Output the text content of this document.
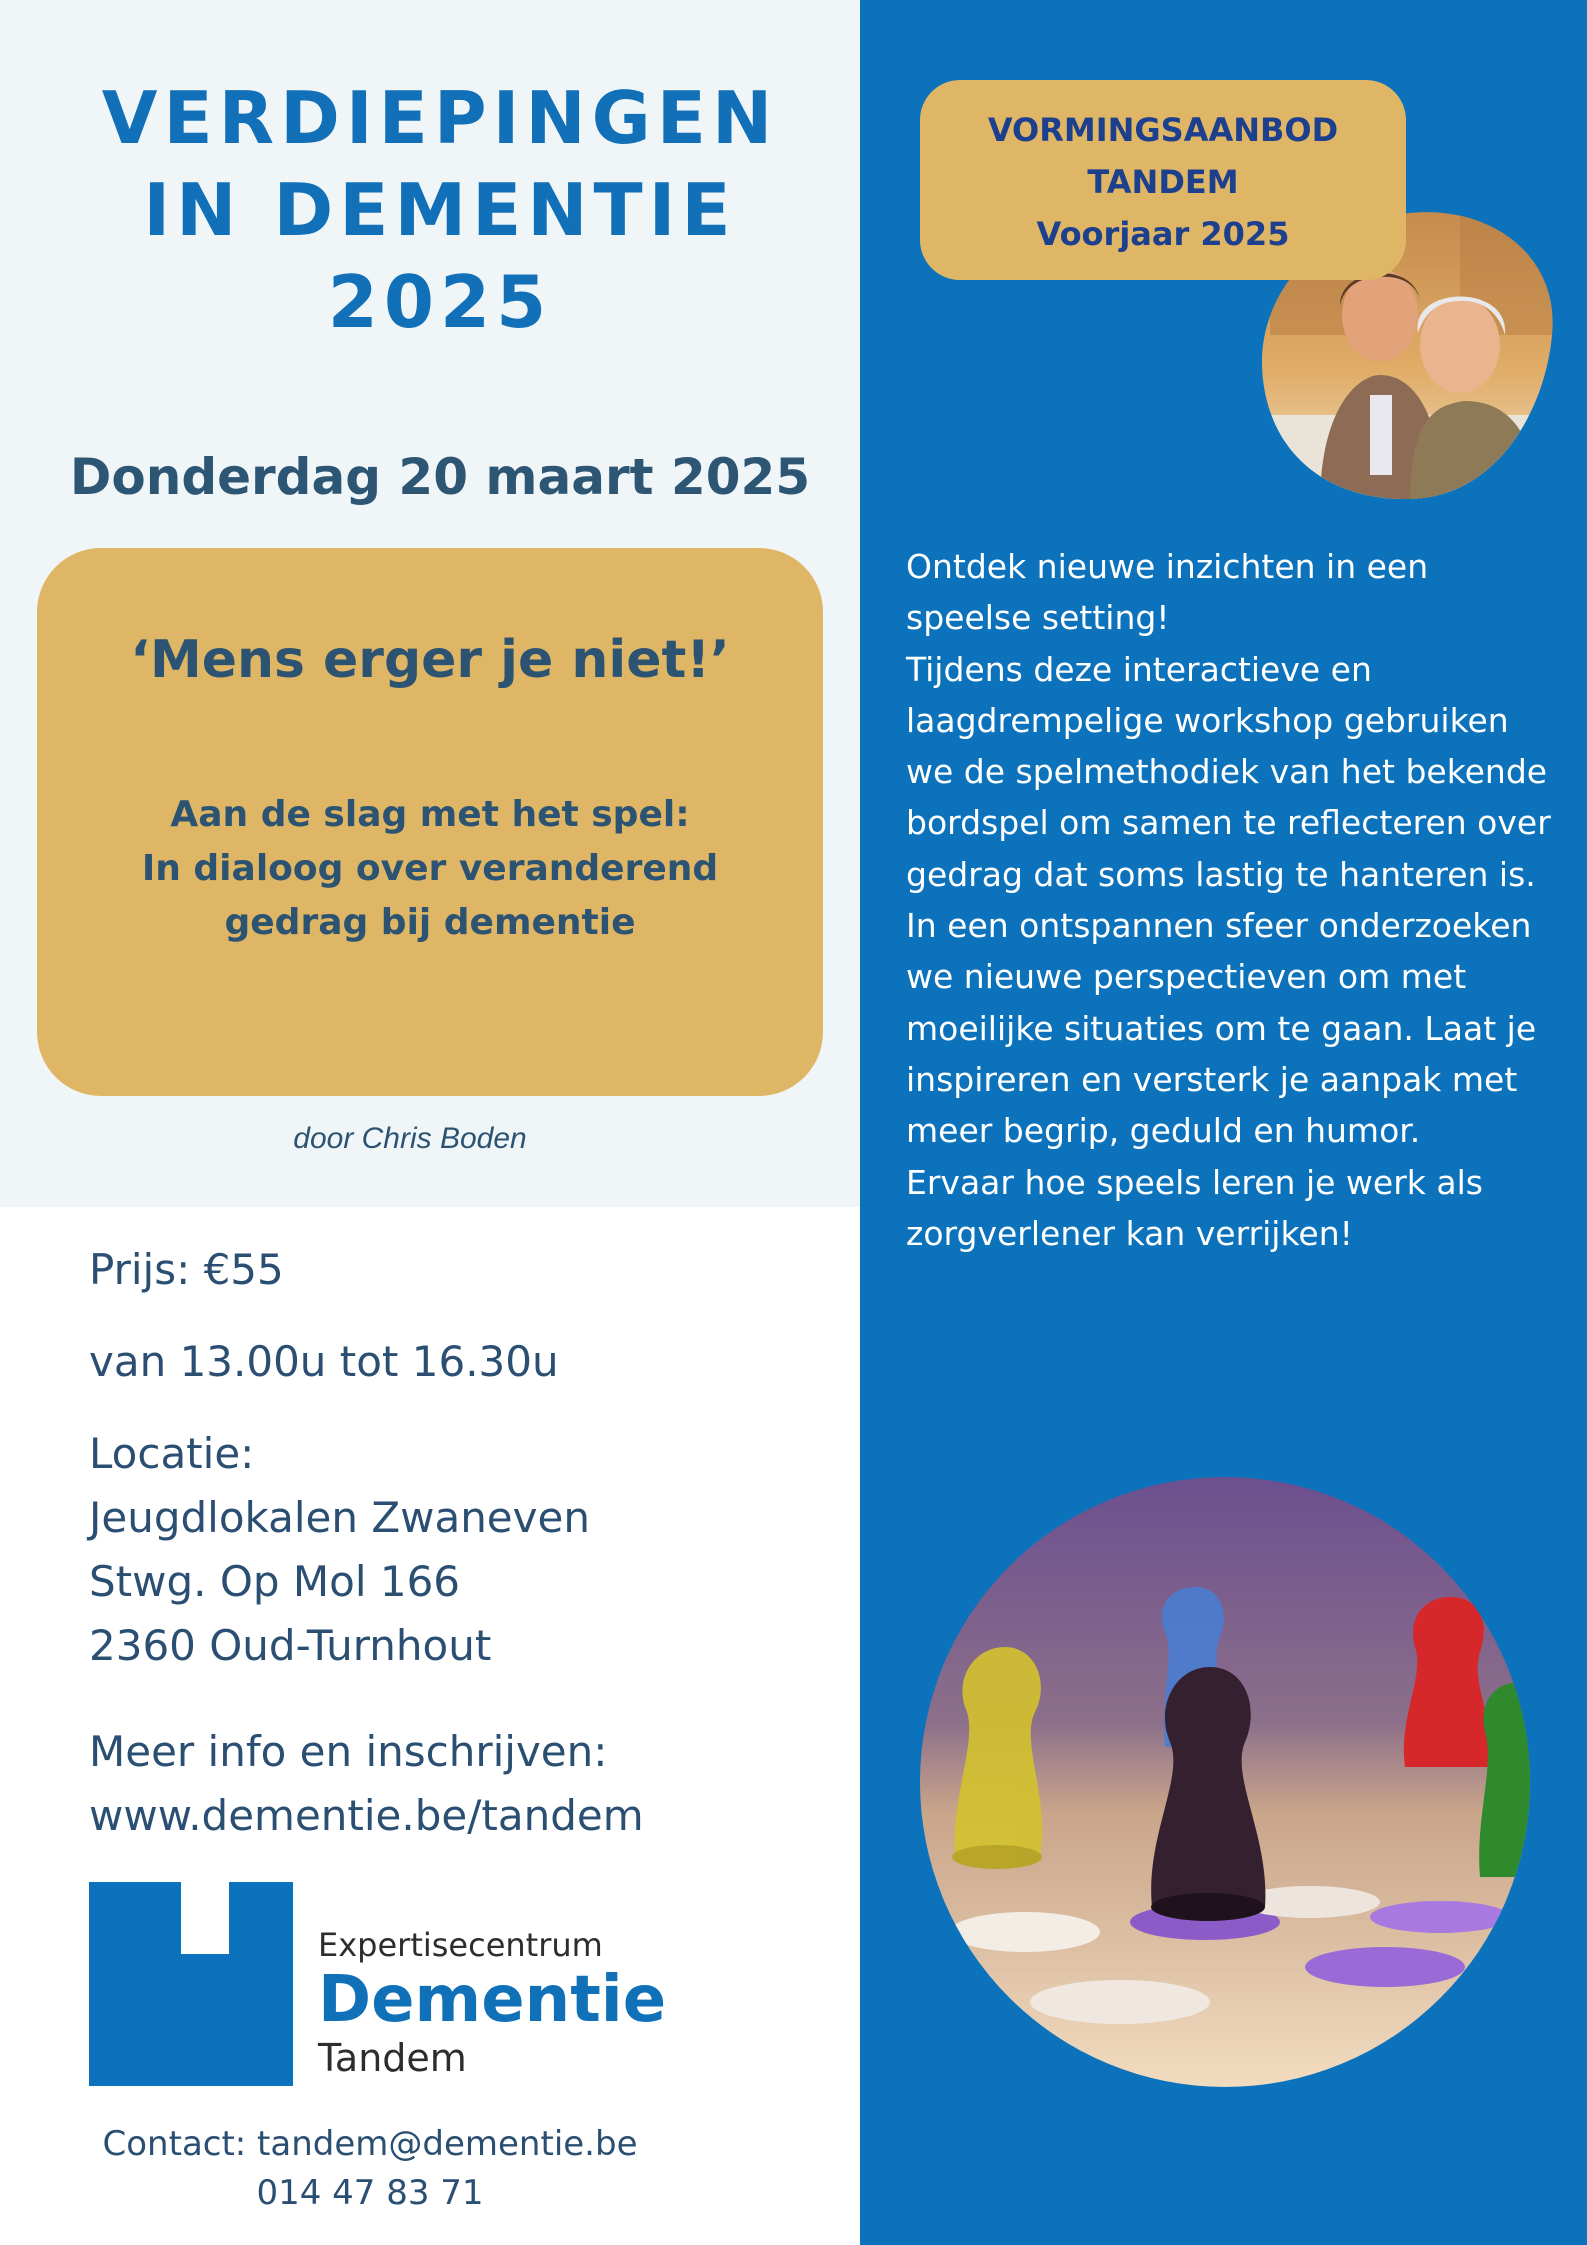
VERDIEPINGEN
IN DEMENTIE
2025
Donderdag 20 maart 2025
‘Mens erger je niet!’
Aan de slag met het spel:
In dialoog over veranderend
gedrag bij dementie
door Chris Boden
Prijs: €55
van 13.00u tot 16.30u
Locatie:
Jeugdlokalen Zwaneven
Stwg. Op Mol 166
2360 Oud-Turnhout
Meer info en inschrijven:
www.dementie.be/tandem
Expertisecentrum
Dementie
Tandem
Contact: tandem@dementie.be
014 47 83 71
VORMINGSAANBOD
TANDEM
Voorjaar 2025
Ontdek nieuwe inzichten in een
speelse setting!
Tijdens deze interactieve en
laagdrempelige workshop gebruiken
we de spelmethodiek van het bekende
bordspel om samen te reflecteren over
gedrag dat soms lastig te hanteren is.
In een ontspannen sfeer onderzoeken
we nieuwe perspectieven om met
moeilijke situaties om te gaan. Laat je
inspireren en versterk je aanpak met
meer begrip, geduld en humor.
Ervaar hoe speels leren je werk als
zorgverlener kan verrijken!
